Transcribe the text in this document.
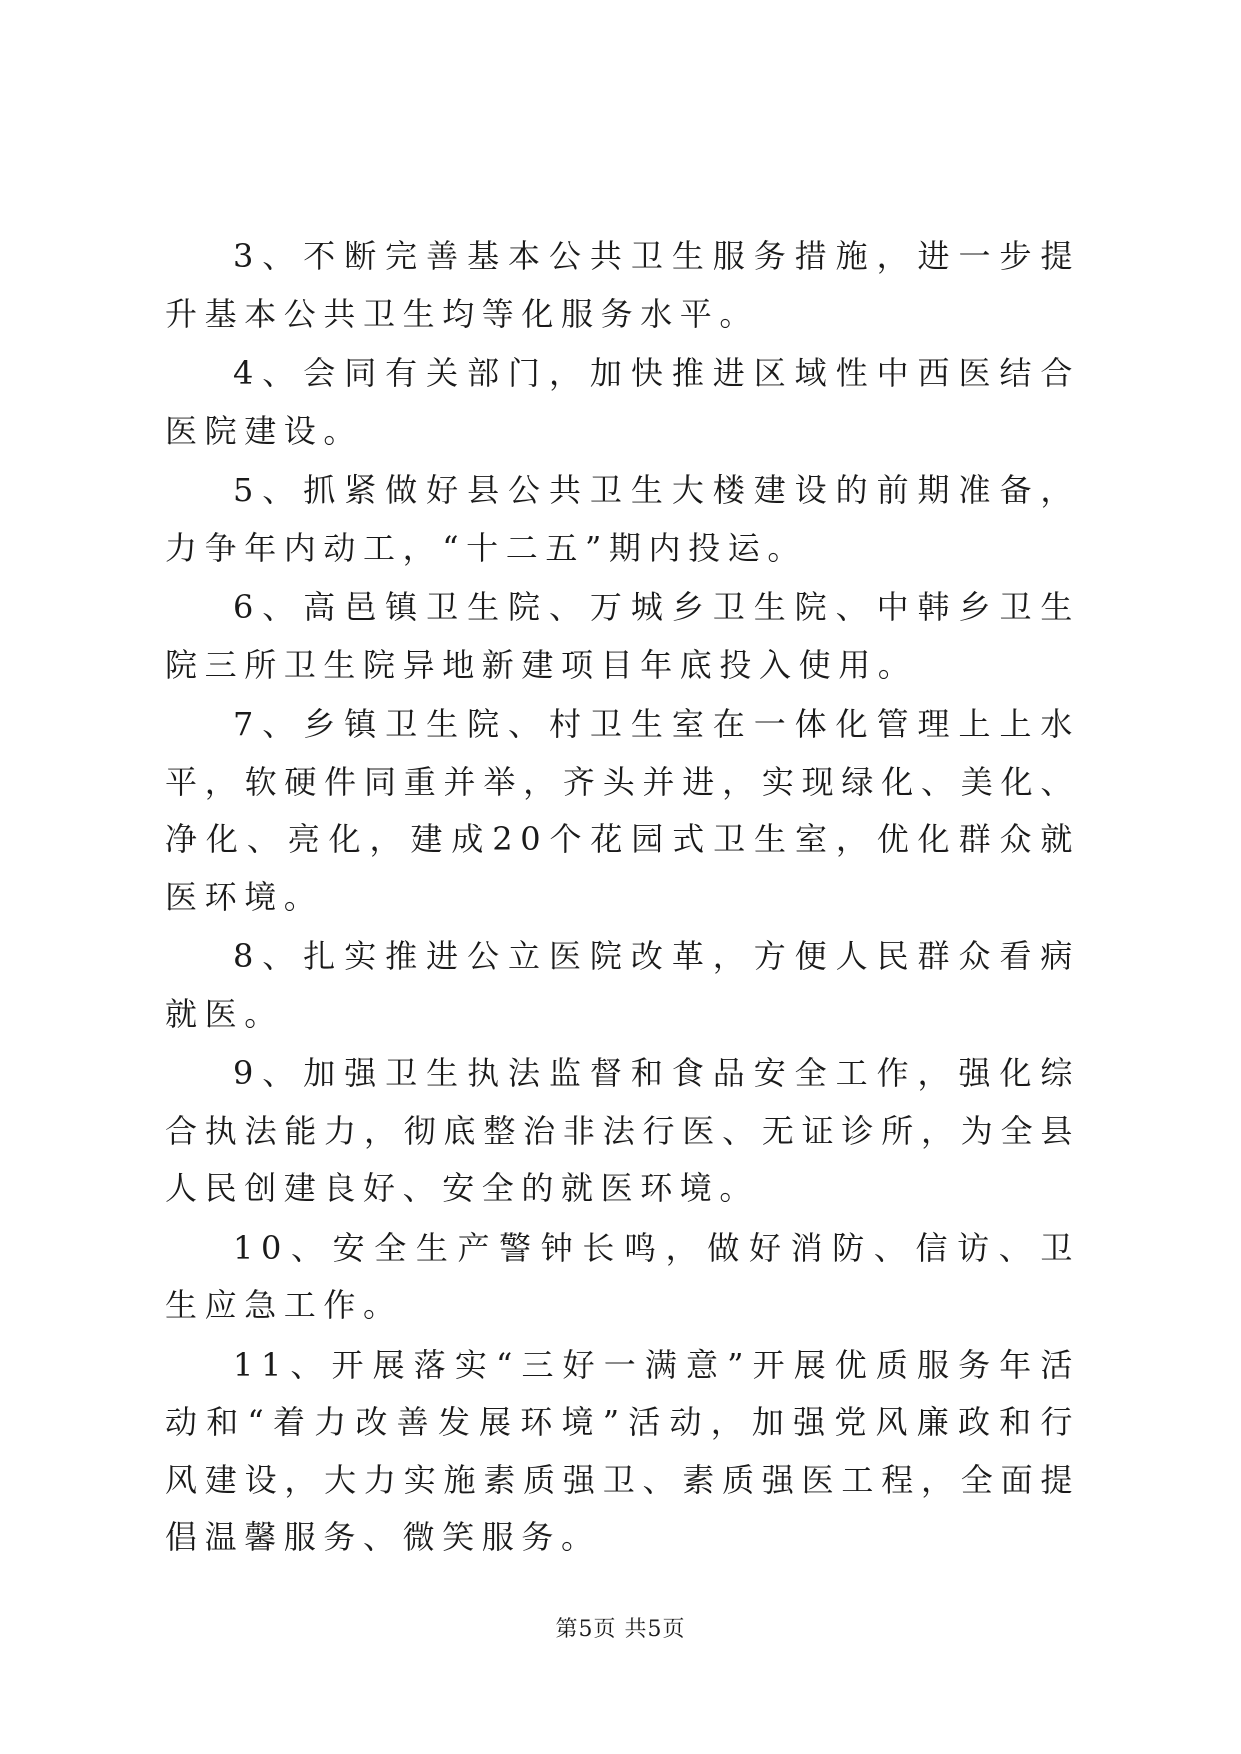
3、不断完善基本公共卫生服务措施，进一步提升基本公共卫生均等化服务水平。

4、会同有关部门，加快推进区域性中西医结合医院建设。

5、抓紧做好县公共卫生大楼建设的前期准备，力争年内动工，“十二五”期内投运。

6、高邑镇卫生院、万城乡卫生院、中韩乡卫生院三所卫生院异地新建项目年底投入使用。

7、乡镇卫生院、村卫生室在一体化管理上上水平，软硬件同重并举，齐头并进，实现绿化、美化、净化、亮化，建成20个花园式卫生室，优化群众就医环境。

8、扎实推进公立医院改革，方便人民群众看病就医。

9、加强卫生执法监督和食品安全工作，强化综合执法能力，彻底整治非法行医、无证诊所，为全县人民创建良好、安全的就医环境。

10、安全生产警钟长鸣，做好消防、信访、卫生应急工作。

11、开展落实“三好一满意”开展优质服务年活动和“着力改善发展环境”活动，加强党风廉政和行风建设，大力实施素质强卫、素质强医工程，全面提倡温馨服务、微笑服务。

第5页 共5页
